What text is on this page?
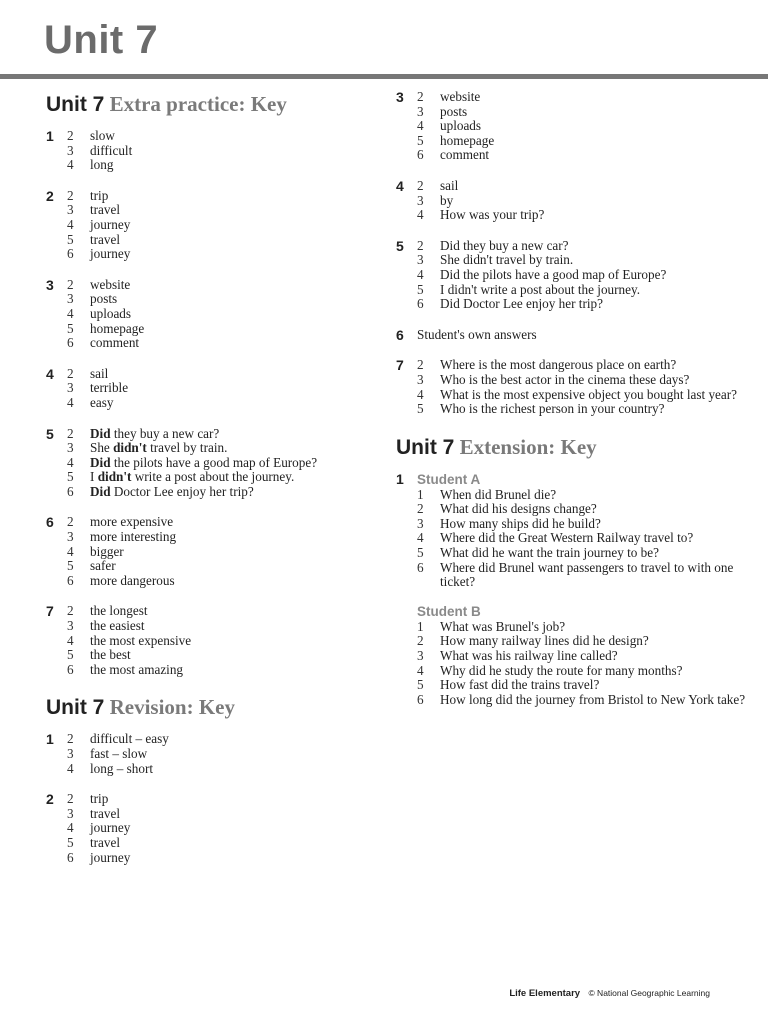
Unit 7
Unit 7 Extra practice: Key
1	2	slow
3	difficult
4	long
2	2	trip
3	travel
4	journey
5	travel
6	journey
3	2	website
3	posts
4	uploads
5	homepage
6	comment
4	2	sail
3	terrible
4	easy
5	2	Did they buy a new car?
3	She didn't travel by train.
4	Did the pilots have a good map of Europe?
5	I didn't write a post about the journey.
6	Did Doctor Lee enjoy her trip?
6	2	more expensive
3	more interesting
4	bigger
5	safer
6	more dangerous
7	2	the longest
3	the easiest
4	the most expensive
5	the best
6	the most amazing
Unit 7 Revision: Key
1	2	difficult – easy
3	fast – slow
4	long – short
2	2	trip
3	travel
4	journey
5	travel
6	journey
3	2	website
3	posts
4	uploads
5	homepage
6	comment
4	2	sail
3	by
4	How was your trip?
5	2	Did they buy a new car?
3	She didn't travel by train.
4	Did the pilots have a good map of Europe?
5	I didn't write a post about the journey.
6	Did Doctor Lee enjoy her trip?
6	Student's own answers
7	2	Where is the most dangerous place on earth?
3	Who is the best actor in the cinema these days?
4	What is the most expensive object you bought last year?
5	Who is the richest person in your country?
Unit 7 Extension: Key
1 Student A
1	When did Brunel die?
2	What did his designs change?
3	How many ships did he build?
4	Where did the Great Western Railway travel to?
5	What did he want the train journey to be?
6	Where did Brunel want passengers to travel to with one ticket?
Student B
1	What was Brunel's job?
2	How many railway lines did he design?
3	What was his railway line called?
4	Why did he study the route for many months?
5	How fast did the trains travel?
6	How long did the journey from Bristol to New York take?
Life Elementary © National Geographic Learning
